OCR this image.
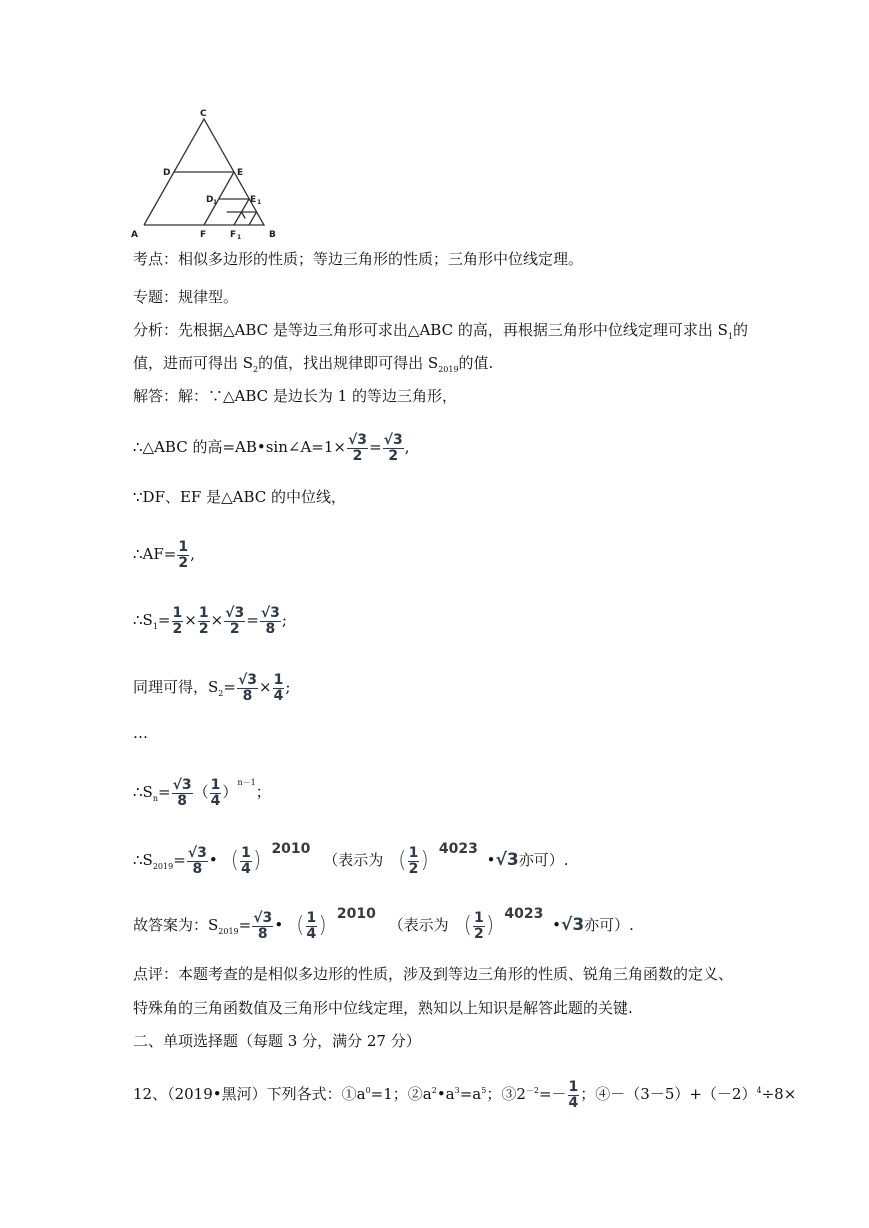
C
D	E
D 1	E 1
A	F	F 1	B
考点：相似多边形的性质；等边三角形的性质；三角形中位线定理。
专题：规律型。
分析：先根据△ABC 是等边三角形可求出△ABC 的高，再根据三角形中位线定理可求出 $S_1$的
值，进而可得出 $S_2$的值，找出规律即可得出 $S_{2019}$的值.
解答：解：∵△ABC 是边长为 1 的等边三角形，
∴△ABC 的高=AB•sin∠A=1× $\frac{√3}{2} = \frac{√3}{2}$ ,
∵DF、EF 是△ABC 的中位线，
∴AF= $\frac{1}{2}$ ,
$\therefore S_1= \frac{1}{2} \times \frac{1}{2} \times \frac{√3}{2} = \frac{√3}{8}$ ;
同理可得，$S_2= \frac{√3}{8} \times \frac{1}{4}$ ;
…
$\therefore S_n= \frac{√3}{8}$ （ $\frac{1}{4} )^{n-1}$；
$\therefore S_{2019}= \frac{√3}{8}$ • ( $\frac{1}{4}$ ) 2010 （表示为 ( $\frac{1}{2}$ ) 4023 •√3亦可）.
故答案为：$S_{2019}= \frac{√3}{8}$ • ( $\frac{1}{4}$ ) 2010 （表示为 ( $\frac{1}{2}$ ) 4023 •√3亦可）.
点评：本题考查的是相似多边形的性质，涉及到等边三角形的性质、锐角三角函数的定义、
特殊角的三角函数值及三角形中位线定理，熟知以上知识是解答此题的关键.
二、单项选择题（每题 3 分，满分 27 分）
12、（2019•黑河）下列各式：$①a^0=1$；$②a^2•a^3=a^5$；$③2^{-2}=- \frac{1}{4}$ ；$④-(3-5)+(-2)^4\div 8\times$
